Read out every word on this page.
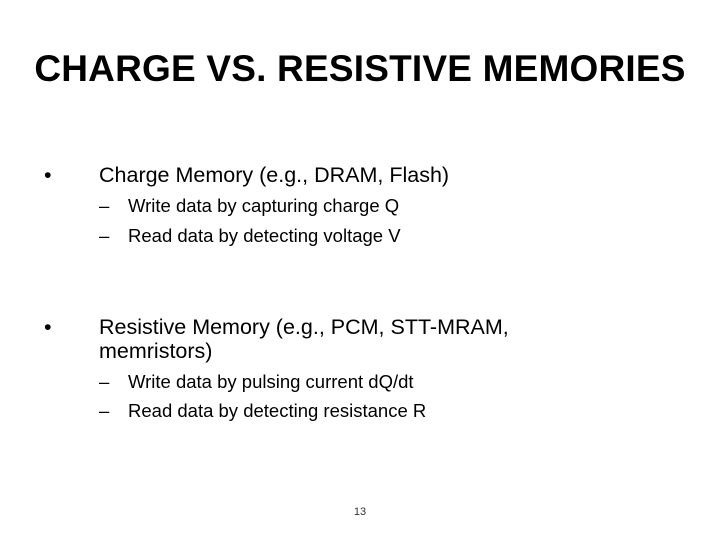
CHARGE VS. RESISTIVE MEMORIES
• Charge Memory (e.g., DRAM, Flash)
– Write data by capturing charge Q
– Read data by detecting voltage V
• Resistive Memory (e.g., PCM, STT-MRAM,
memristors)
– Write data by pulsing current dQ/dt
– Read data by detecting resistance R
13
